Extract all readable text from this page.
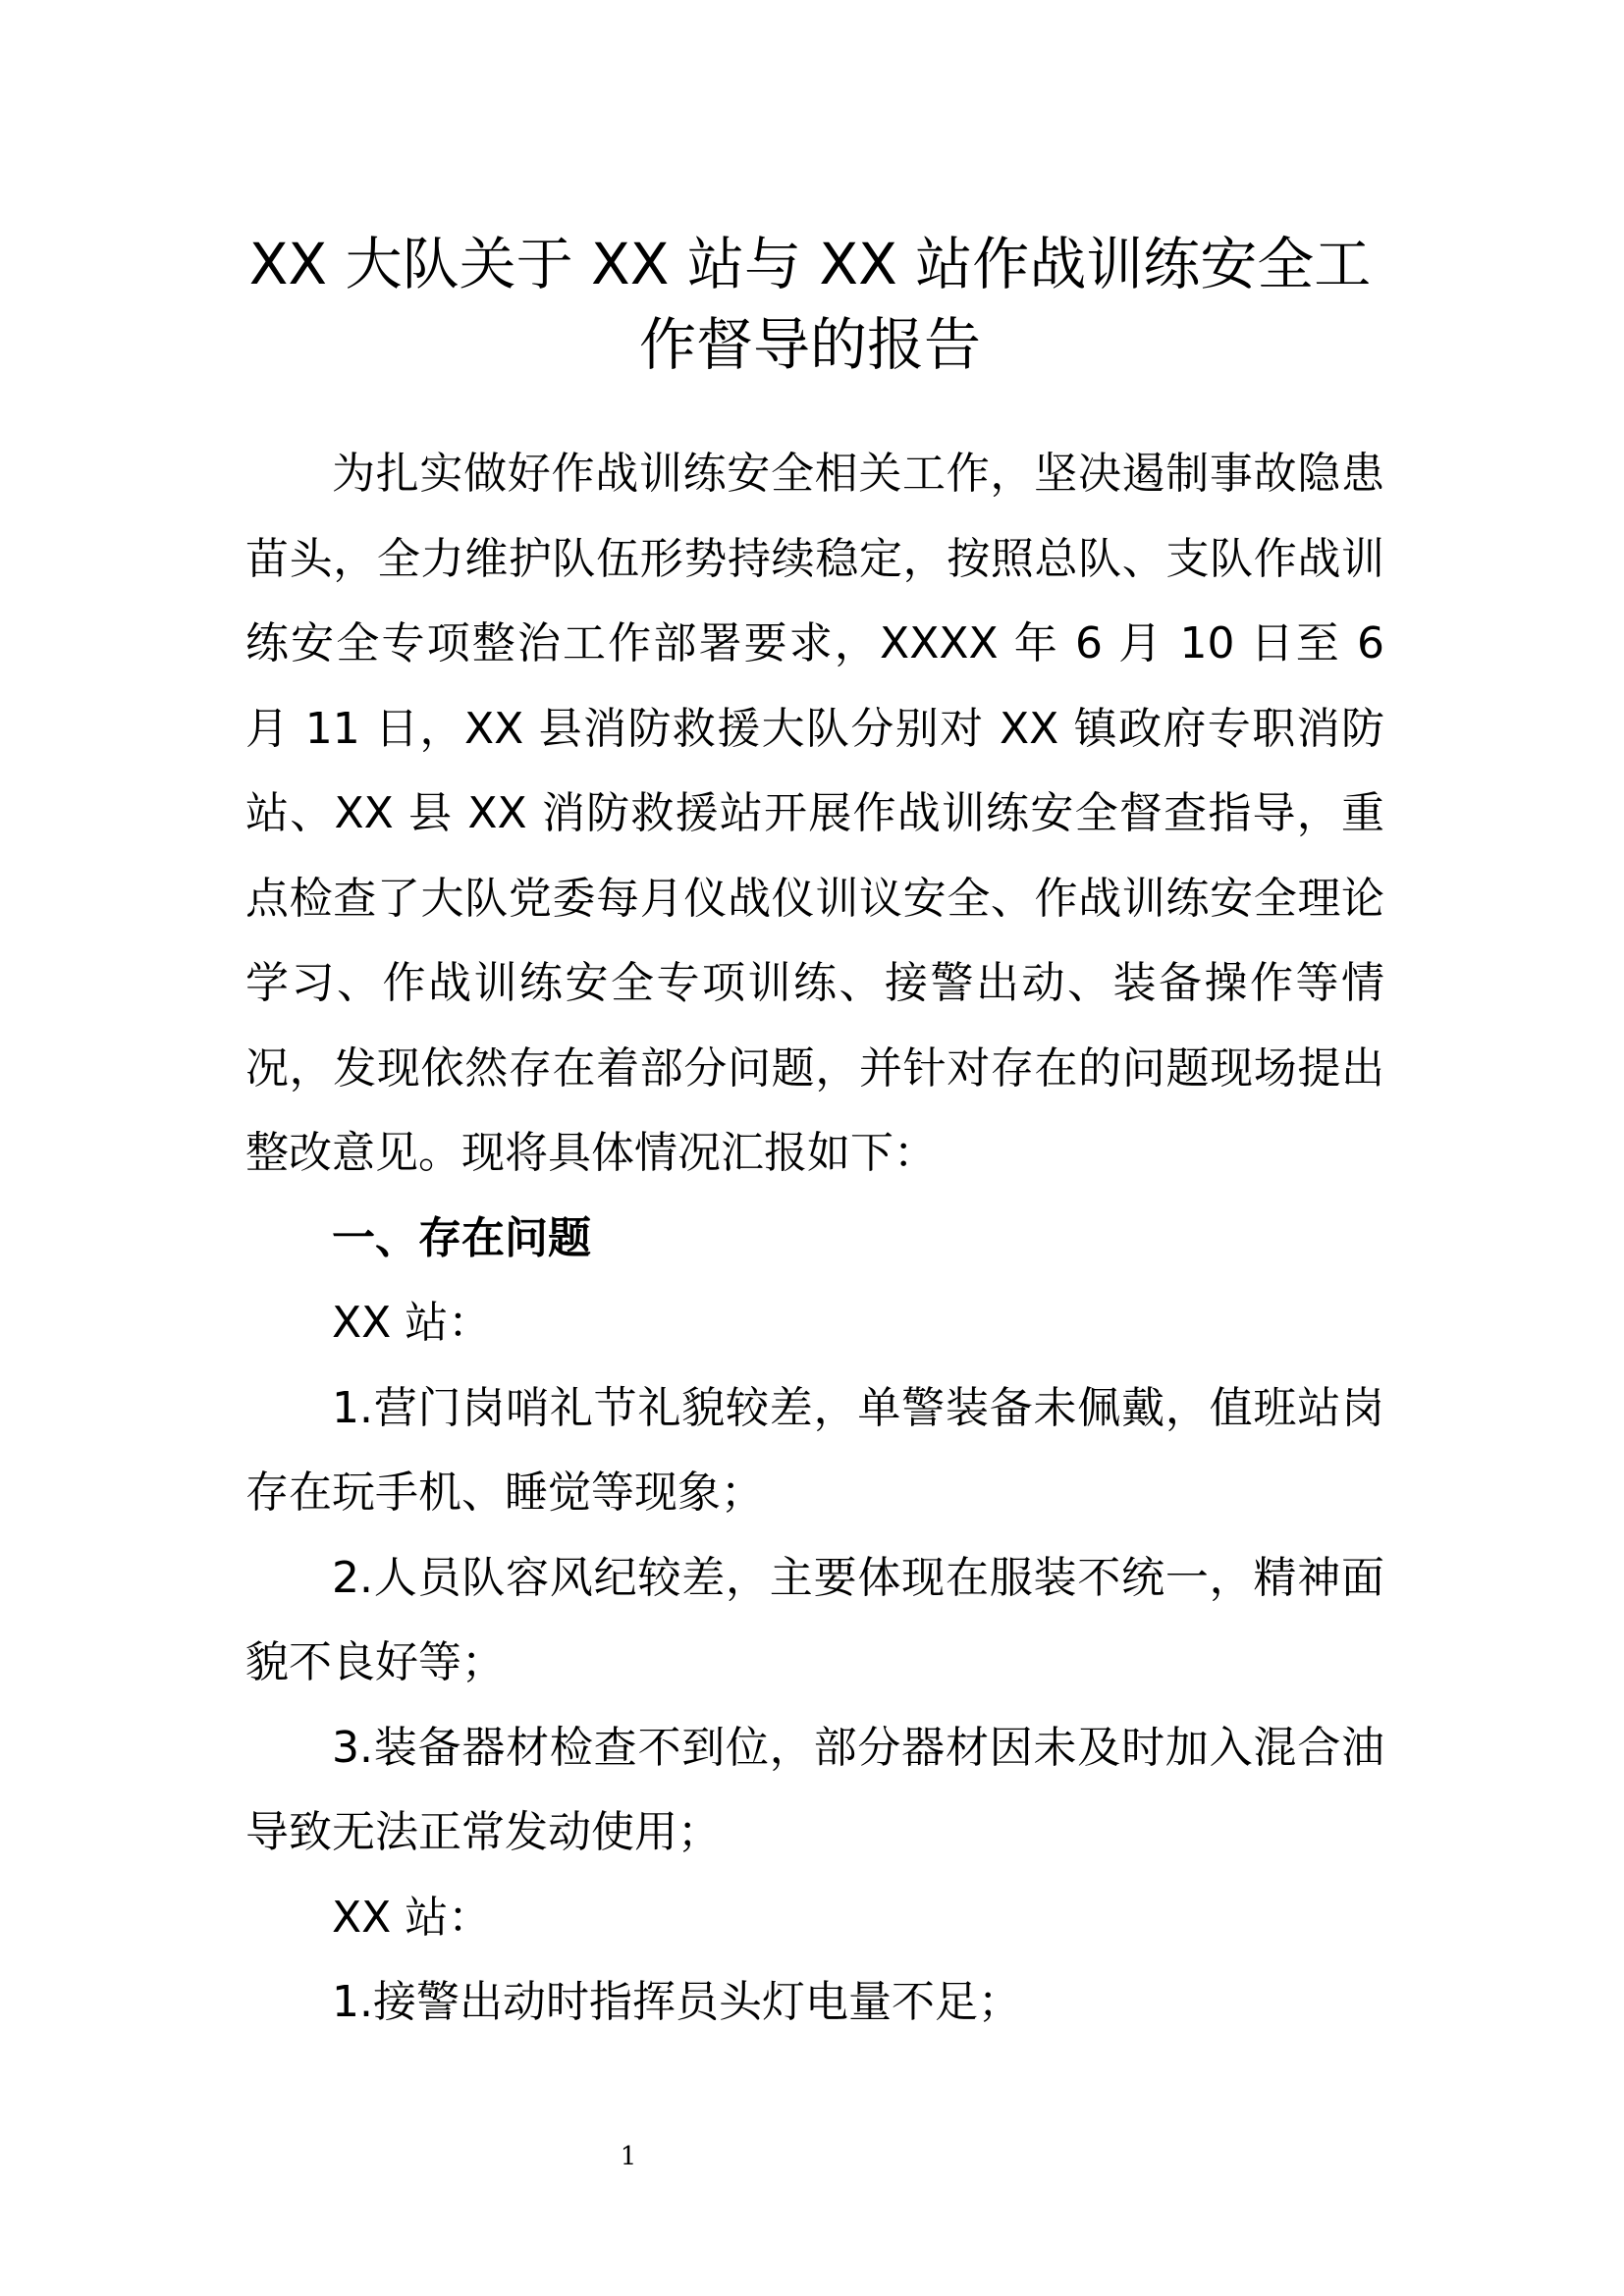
XX 大队关于 XX 站与 XX 站作战训练安全工
作督导的报告

为扎实做好作战训练安全相关工作，坚决遏制事故隐患苗头，全力维护队伍形势持续稳定，按照总队、支队作战训练安全专项整治工作部署要求，XXXX 年 6 月 10 日至 6 月 11 日，XX 县消防救援大队分别对 XX 镇政府专职消防站、XX 县 XX 消防救援站开展作战训练安全督查指导，重点检查了大队党委每月仪战仪训议安全、作战训练安全理论学习、作战训练安全专项训练、接警出动、装备操作等情况，发现依然存在着部分问题，并针对存在的问题现场提出整改意见。现将具体情况汇报如下：

一、存在问题

XX 站：

1.营门岗哨礼节礼貌较差，单警装备未佩戴，值班站岗存在玩手机、睡觉等现象；

2.人员队容风纪较差，主要体现在服装不统一，精神面貌不良好等；

3.装备器材检查不到位，部分器材因未及时加入混合油导致无法正常发动使用；

XX 站：

1.接警出动时指挥员头灯电量不足；

1
